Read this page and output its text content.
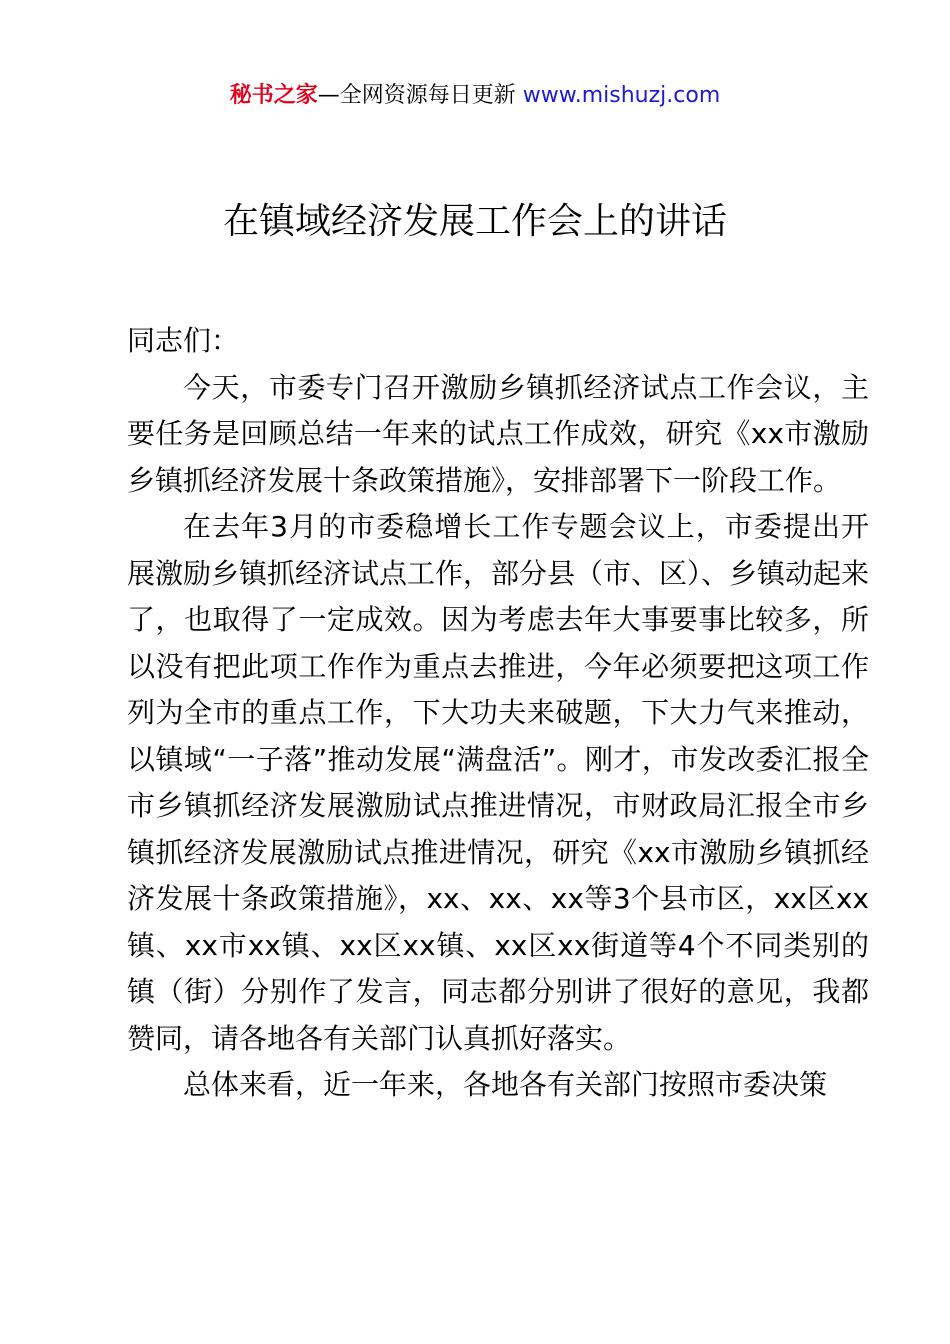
秘书之家—全网资源每日更新 www.mishuzj.com
在镇域经济发展工作会上的讲话

同志们：

今天，市委专门召开激励乡镇抓经济试点工作会议，主要任务是回顾总结一年来的试点工作成效，研究《xx市激励乡镇抓经济发展十条政策措施》，安排部署下一阶段工作。

在去年3月的市委稳增长工作专题会议上，市委提出开展激励乡镇抓经济试点工作，部分县（市、区）、乡镇动起来了，也取得了一定成效。因为考虑去年大事要事比较多，所以没有把此项工作作为重点去推进，今年必须要把这项工作列为全市的重点工作，下大功夫来破题，下大力气来推动，以镇域“一子落”推动发展“满盘活”。刚才，市发改委汇报全市乡镇抓经济发展激励试点推进情况，市财政局汇报全市乡镇抓经济发展激励试点推进情况，研究《xx市激励乡镇抓经济发展十条政策措施》，xx、xx、xx等3个县市区，xx区xx镇、xx市xx镇、xx区xx镇、xx区xx街道等4个不同类别的镇（街）分别作了发言，同志都分别讲了很好的意见，我都赞同，请各地各有关部门认真抓好落实。

总体来看，近一年来，各地各有关部门按照市委决策
